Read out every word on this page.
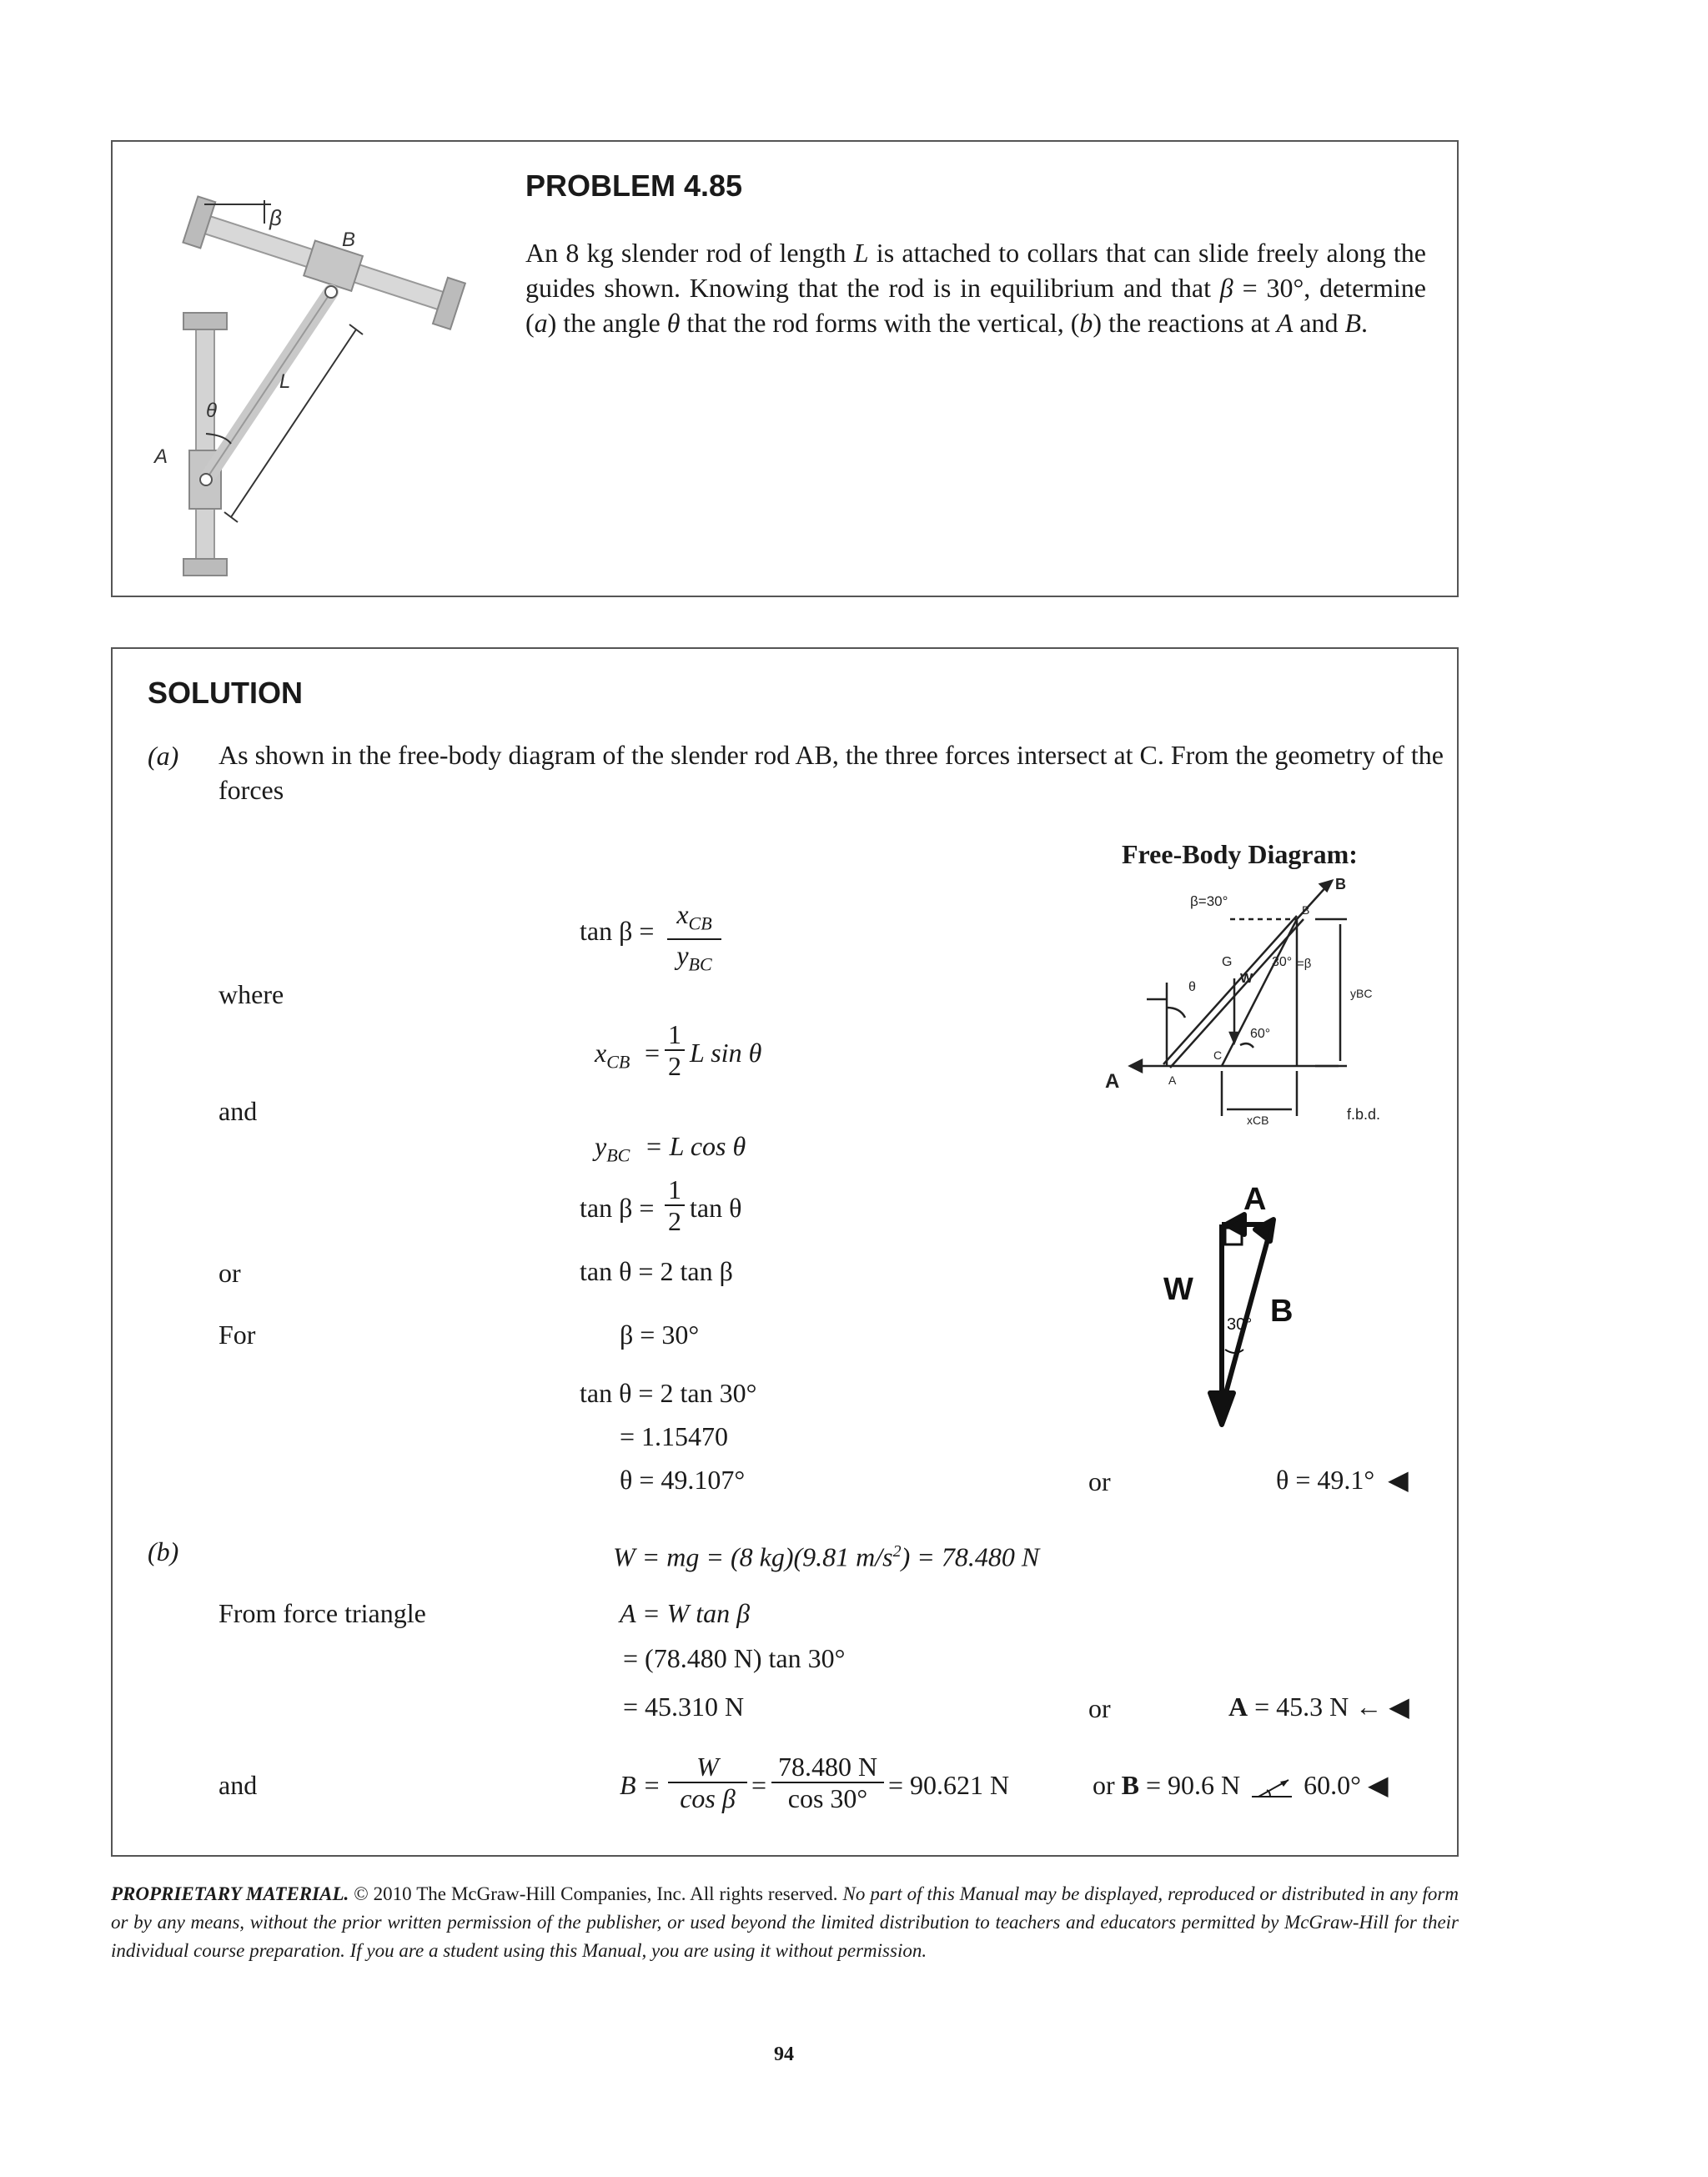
L
θ
A
B
β
PROBLEM 4.85
An 8 kg slender rod of length L is attached to collars that can slide freely along the guides shown. Knowing that the rod is in equilibrium and that β = 30°, determine (a) the angle θ that the rod forms with the vertical, (b) the reactions at A and B.
SOLUTION
(a) As shown in the free-body diagram of the slender rod AB, the three forces intersect at C. From the geometry of the forces
Free-Body Diagram:
tan β =
$x_{CB}$
$y_{BC}$
where
$x_{CB} = \frac{1}{2}$ L sin θ
and
$y_{BC} = L$ cos θ
$\tan \beta = \frac{1}{2}$ tan θ
or	tan θ = 2 tan β
For	β = 30°
tan θ = 2 tan 30°
= 1.15470
θ = 49.107°	or	θ = 49.1° ◀
(b)	W = mg = (8 kg)(9.81 $m/s^2) = 78.480$ N
From force triangle	A = W tan β
= (78.480 N) tan 30°
= 45.310 N	or	A = 45.3 N ← ◀
and	$B = \frac{W}{\text{cos β}} = \frac{78.480 N}{\cos 30^\circ} = 90.621$ N	or B = 90.6 N 60.0° ◀
B
β=30°
B
G
θ
W
30° =β
yBC
60°
A	A
C
xCB	f.b.d.
A
W
30° B
PROPRIETARY MATERIAL. © 2010 The McGraw-Hill Companies, Inc. All rights reserved. No part of this Manual may be displayed, reproduced or distributed in any form or by any means, without the prior written permission of the publisher, or used beyond the limited distribution to teachers and educators permitted by McGraw-Hill for their individual course preparation. If you are a student using this Manual, you are using it without permission.
94
